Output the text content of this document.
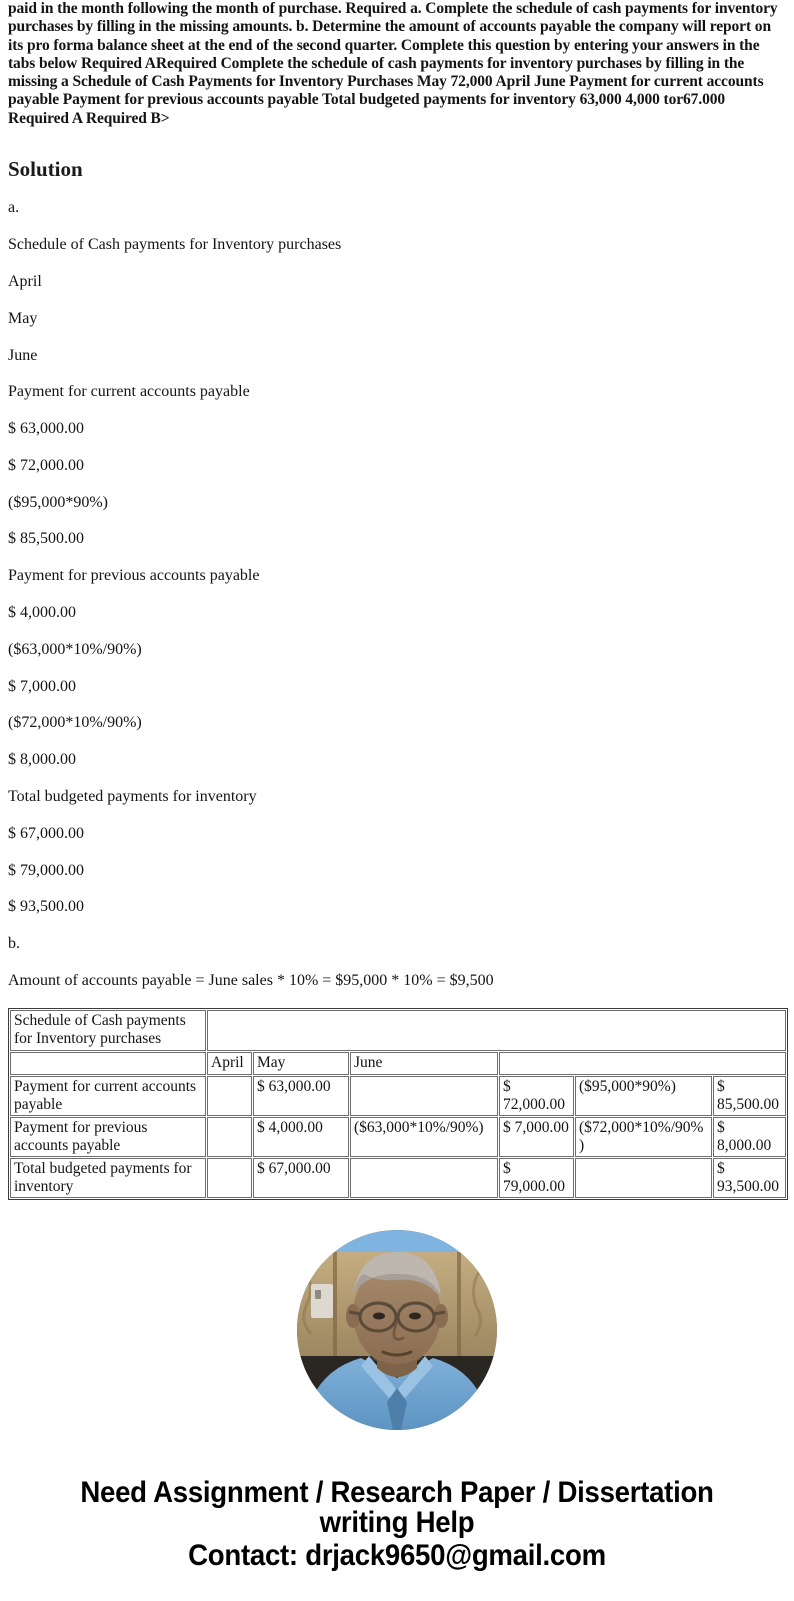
paid in the month following the month of purchase. Required a. Complete the schedule of cash payments for inventory purchases by filling in the missing amounts. b. Determine the amount of accounts payable the company will report on its pro forma balance sheet at the end of the second quarter. Complete this question by entering your answers in the tabs below Required ARequired Complete the schedule of cash payments for inventory purchases by filling in the missing a Schedule of Cash Payments for Inventory Purchases May 72,000 April June Payment for current accounts payable Payment for previous accounts payable Total budgeted payments for inventory 63,000 4,000 tor67.000 Required A Required B>

Solution

a.

Schedule of Cash payments for Inventory purchases

April

May

June

Payment for current accounts payable

$ 63,000.00

$ 72,000.00

($95,000*90%)

$ 85,500.00

Payment for previous accounts payable

$ 4,000.00

($63,000*10%/90%)

$ 7,000.00

($72,000*10%/90%)

$ 8,000.00

Total budgeted payments for inventory

$ 67,000.00

$ 79,000.00

$ 93,500.00

b.

Amount of accounts payable = June sales * 10% = $95,000 * 10% = $9,500

Schedule of Cash payments for Inventory purchases						
	April	May	June			
Payment for current accounts payable		$ 63,000.00		$ 72,000.00	($95,000*90%)	$ 85,500.00
Payment for previous accounts payable		$ 4,000.00	($63,000*10%/90%)	$ 7,000.00	($72,000*10%/90%)	$ 8,000.00
Total budgeted payments for inventory		$ 67,000.00		$ 79,000.00		$ 93,500.00
Need Assignment / Research Paper / Dissertation
writing Help
Contact: drjack9650@gmail.com
